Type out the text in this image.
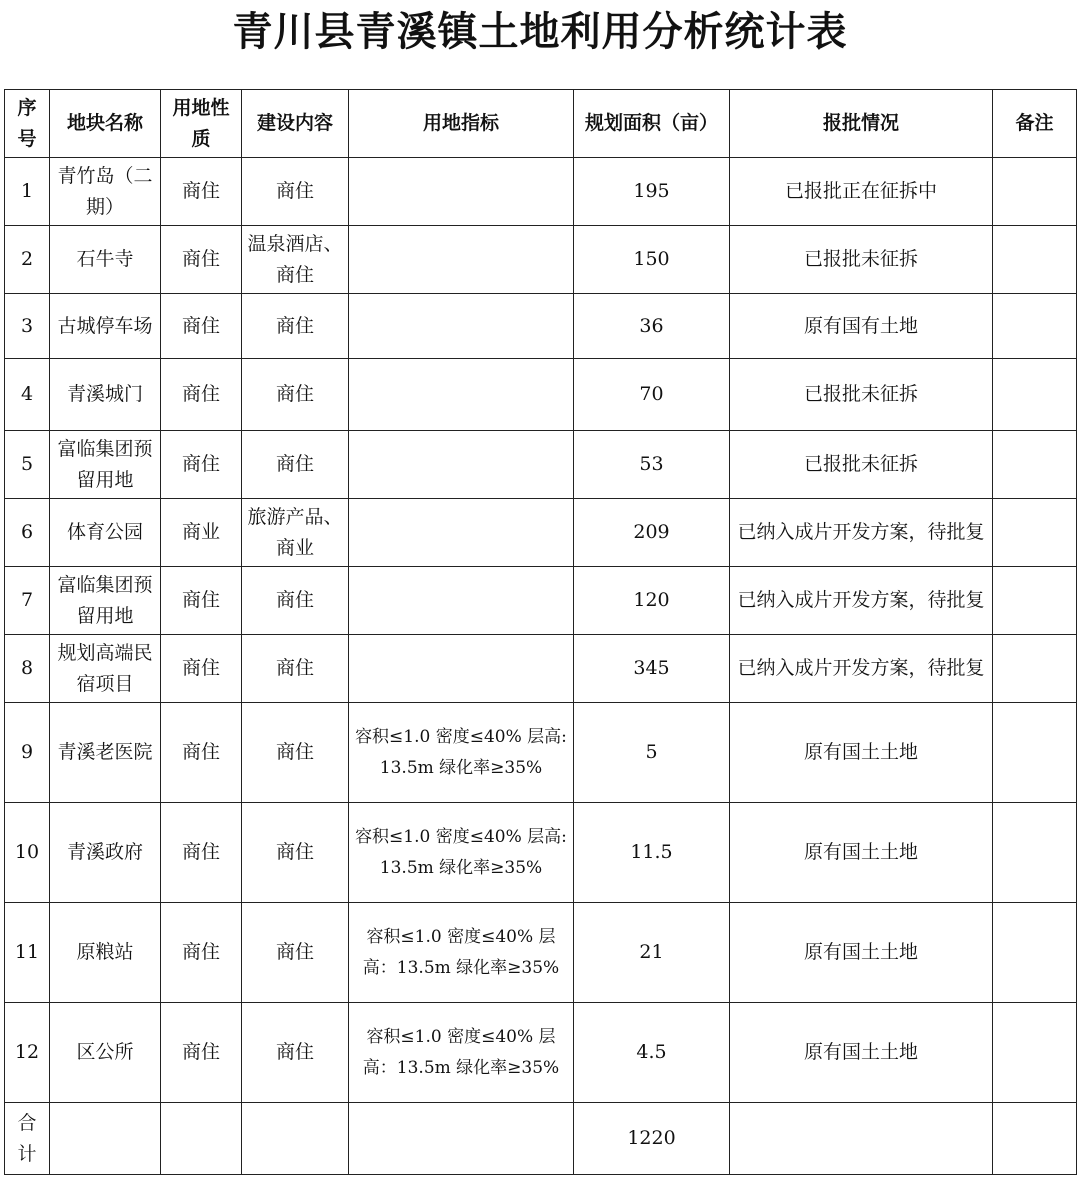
青川县青溪镇土地利用分析统计表
序号	地块名称	用地性质	建设内容	用地指标	规划面积（亩）	报批情况	备注
1	青竹岛（二期）	商住	商住		195	已报批正在征拆中	
2	石牛寺	商住	温泉酒店、商住		150	已报批未征拆	
3	古城停车场	商住	商住		36	原有国有土地	
4	青溪城门	商住	商住		70	已报批未征拆	
5	富临集团预留用地	商住	商住		53	已报批未征拆	
6	体育公园	商业	旅游产品、商业		209	已纳入成片开发方案，待批复	
7	富临集团预留用地	商住	商住		120	已纳入成片开发方案，待批复	
8	规划高端民宿项目	商住	商住		345	已纳入成片开发方案，待批复	
9	青溪老医院	商住	商住	容积≤1.0 密度≤40% 层高:13.5m 绿化率≥35%	5	原有国土土地	
10	青溪政府	商住	商住	容积≤1.0 密度≤40% 层高:13.5m 绿化率≥35%	11.5	原有国土土地	
11	原粮站	商住	商住	容积≤1.0 密度≤40% 层高：13.5m 绿化率≥35%	21	原有国土土地	
12	区公所	商住	商住	容积≤1.0 密度≤40% 层高：13.5m 绿化率≥35%	4.5	原有国土土地	
合计					1220		
